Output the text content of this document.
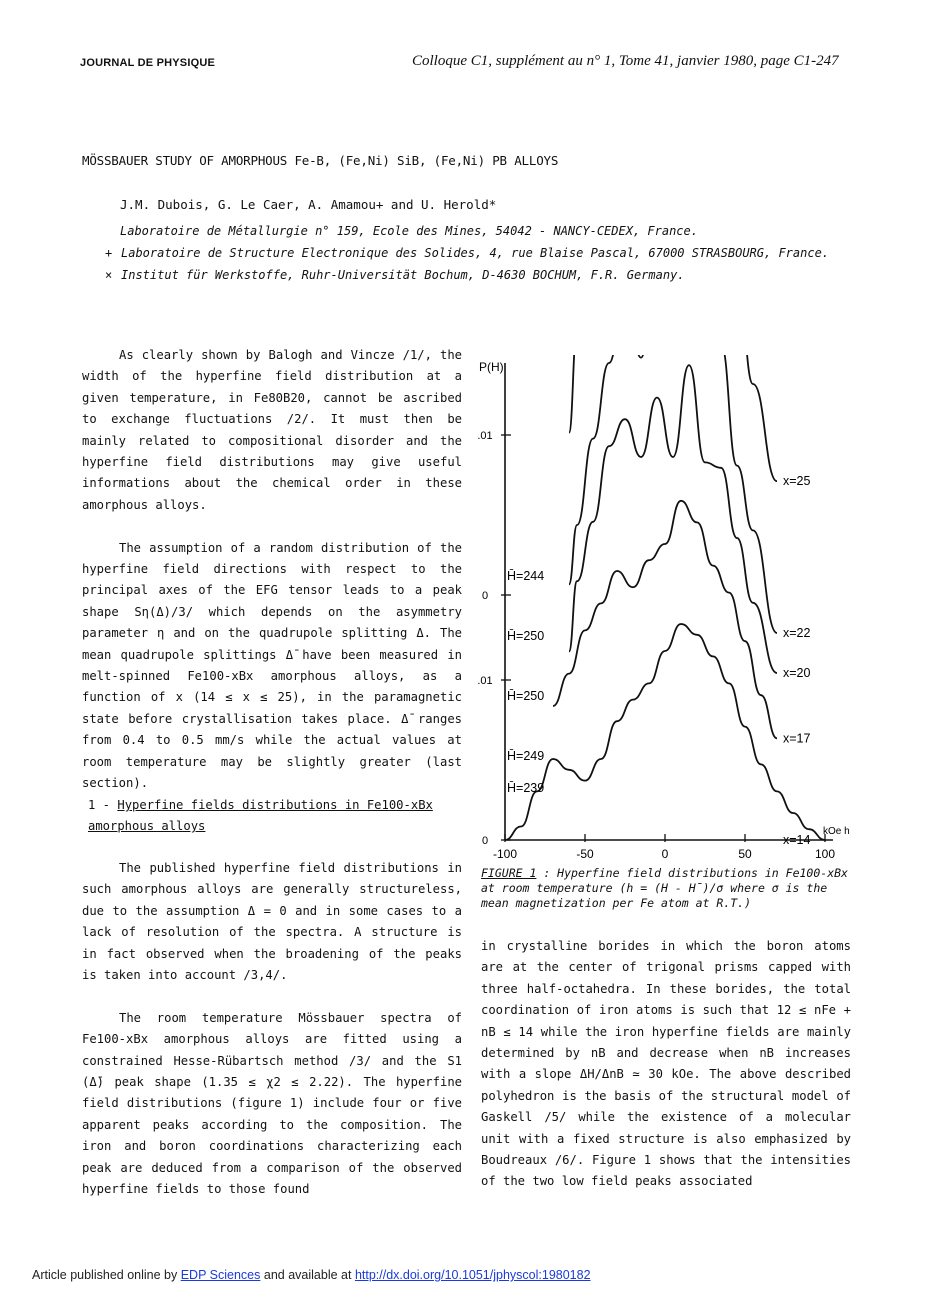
JOURNAL DE PHYSIQUE	Colloque C1, supplément au n° 1, Tome 41, janvier 1980, page C1-247
MÖSSBAUER STUDY OF AMORPHOUS Fe-B, (Fe,Ni) SiB, (Fe,Ni) PB ALLOYS
J.M. Dubois, G. Le Caer, A. Amamou+ and U. Herold*
Laboratoire de Métallurgie n° 159, Ecole des Mines, 54042 - NANCY-CEDEX, France.
+ Laboratoire de Structure Electronique des Solides, 4, rue Blaise Pascal, 67000 STRASBOURG, France.
× Institut für Werkstoffe, Ruhr-Universität Bochum, D-4630 BOCHUM, F.R. Germany.

As clearly shown by Balogh and Vincze /1/, the width of the hyperfine field distribution at a given temperature, in Fe80B20, cannot be ascribed to exchange fluctuations /2/. It must then be mainly related to compositional disorder and the hyperfine field distributions may give useful informations about the chemical order in these amorphous alloys.

The assumption of a random distribution of the hyperfine field directions with respect to the principal axes of the EFG tensor leads to a peak shape Sη(Δ)/3/ which depends on the asymmetry parameter η and on the quadrupole splitting Δ. The mean quadrupole splittings Δ̄ have been measured in melt-spinned Fe100-xBx amorphous alloys, as a function of x (14 ≤ x ≤ 25), in the paramagnetic state before crystallisation takes place. Δ̄ ranges from 0.4 to 0.5 mm/s while the actual values at room temperature may be slightly greater (last section).

1 - Hyperfine fields distributions in Fe100-xBx amorphous alloys

The published hyperfine field distributions in such amorphous alloys are generally structureless, due to the assumption Δ = 0 and in some cases to a lack of resolution of the spectra. A structure is in fact observed when the broadening of the peaks is taken into account /3,4/.

The room temperature Mössbauer spectra of Fe100-xBx amorphous alloys are fitted using a constrained Hesse-Rübartsch method /3/ and the S1 (Δ̄) peak shape (1.35 ≤ χ2 ≤ 2.22). The hyperfine field distributions (figure 1) include four or five apparent peaks according to the composition. The iron and boron coordinations characterizing each peak are deduced from a comparison of the observed hyperfine fields to those found

P(H)
.01
0
.01
0
-100	-50	0	50	100
kOe h
x=25
H̄=244
x=22
H̄=250
x=20
H̄=250
x=17
H̄=249
x=14
H̄=239
FIGURE 1 : Hyperfine field distributions in Fe100-xBx at room temperature (h = (H - H̄)/σ where σ is the mean magnetization per Fe atom at R.T.)
in crystalline borides in which the boron atoms are at the center of trigonal prisms capped with three half-octahedra. In these borides, the total coordination of iron atoms is such that 12 ≤ nFe + nB ≤ 14 while the iron hyperfine fields are mainly determined by nB and decrease when nB increases with a slope ΔH/ΔnB ≃ 30 kOe. The above described polyhedron is the basis of the structural model of Gaskell /5/ while the existence of a molecular unit with a fixed structure is also emphasized by Boudreaux /6/. Figure 1 shows that the intensities of the two low field peaks associated
Article published online by EDP Sciences and available at http://dx.doi.org/10.1051/jphyscol:1980182
